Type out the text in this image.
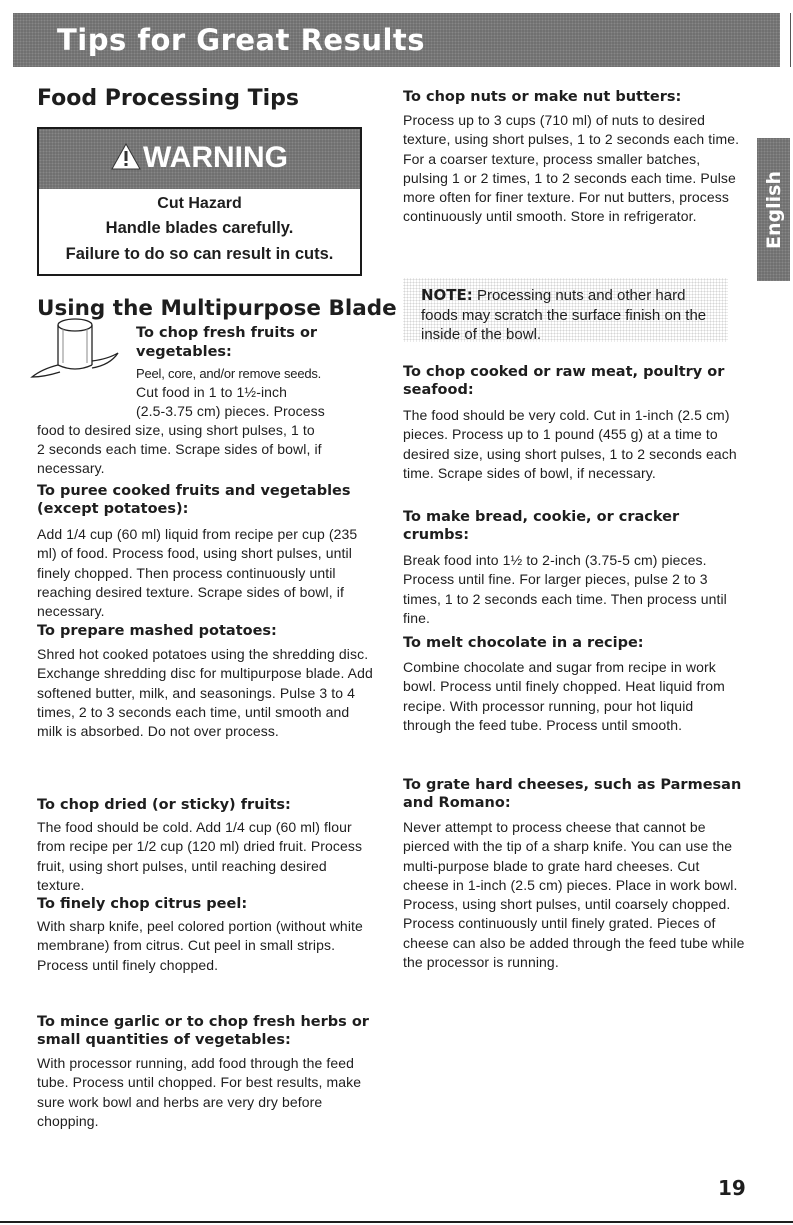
Tips for Great Results
English
Food Processing Tips
WARNING
Cut Hazard
Handle blades carefully.
Failure to do so can result in cuts.
Using the Multipurpose Blade

To chop fresh fruits or

vegetables:

Peel, core, and/or remove seeds.

Cut food in 1 to 1½-inch

(2.5-3.75 cm) pieces. Process

food to desired size, using short pulses, 1 to

2 seconds each time. Scrape sides of bowl, if

necessary.

To puree cooked fruits and vegetables (except potatoes):

Add 1/4 cup (60 ml) liquid from recipe per cup (235 ml) of food. Process food, using short pulses, until finely chopped. Then process continuously until reaching desired texture. Scrape sides of bowl, if necessary.

To prepare mashed potatoes:

Shred hot cooked potatoes using the shredding disc. Exchange shredding disc for multipurpose blade. Add softened butter, milk, and seasonings. Pulse 3 to 4 times, 2 to 3 seconds each time, until smooth and milk is absorbed. Do not over process.

To chop dried (or sticky) fruits:

The food should be cold. Add 1/4 cup (60 ml) flour from recipe per 1/2 cup (120 ml) dried fruit. Process fruit, using short pulses, until reaching desired texture.

To finely chop citrus peel:

With sharp knife, peel colored portion (without white membrane) from citrus. Cut peel in small strips. Process until finely chopped.

To mince garlic or to chop fresh herbs or small quantities of vegetables:

With processor running, add food through the feed tube. Process until chopped. For best results, make sure work bowl and herbs are very dry before chopping.

To chop nuts or make nut butters:

Process up to 3 cups (710 ml) of nuts to desired texture, using short pulses, 1 to 2 seconds each time. For a coarser texture, process smaller batches, pulsing 1 or 2 times, 1 to 2 seconds each time. Pulse more often for finer texture. For nut butters, process continuously until smooth. Store in refrigerator.

NOTE: Processing nuts and other hard foods may scratch the surface finish on the inside of the bowl.

To chop cooked or raw meat, poultry or seafood:

The food should be very cold. Cut in 1-inch (2.5 cm) pieces. Process up to 1 pound (455 g) at a time to desired size, using short pulses, 1 to 2 seconds each time. Scrape sides of bowl, if necessary.

To make bread, cookie, or cracker crumbs:

Break food into 1½ to 2-inch (3.75-5 cm) pieces. Process until fine. For larger pieces, pulse 2 to 3 times, 1 to 2 seconds each time. Then process until fine.

To melt chocolate in a recipe:

Combine chocolate and sugar from recipe in work bowl. Process until finely chopped. Heat liquid from recipe. With processor running, pour hot liquid through the feed tube. Process until smooth.

To grate hard cheeses, such as Parmesan and Romano:

Never attempt to process cheese that cannot be pierced with the tip of a sharp knife. You can use the multi-purpose blade to grate hard cheeses. Cut cheese in 1-inch (2.5 cm) pieces. Place in work bowl. Process, using short pulses, until coarsely chopped. Process continuously until finely grated. Pieces of cheese can also be added through the feed tube while the processor is running.

19
